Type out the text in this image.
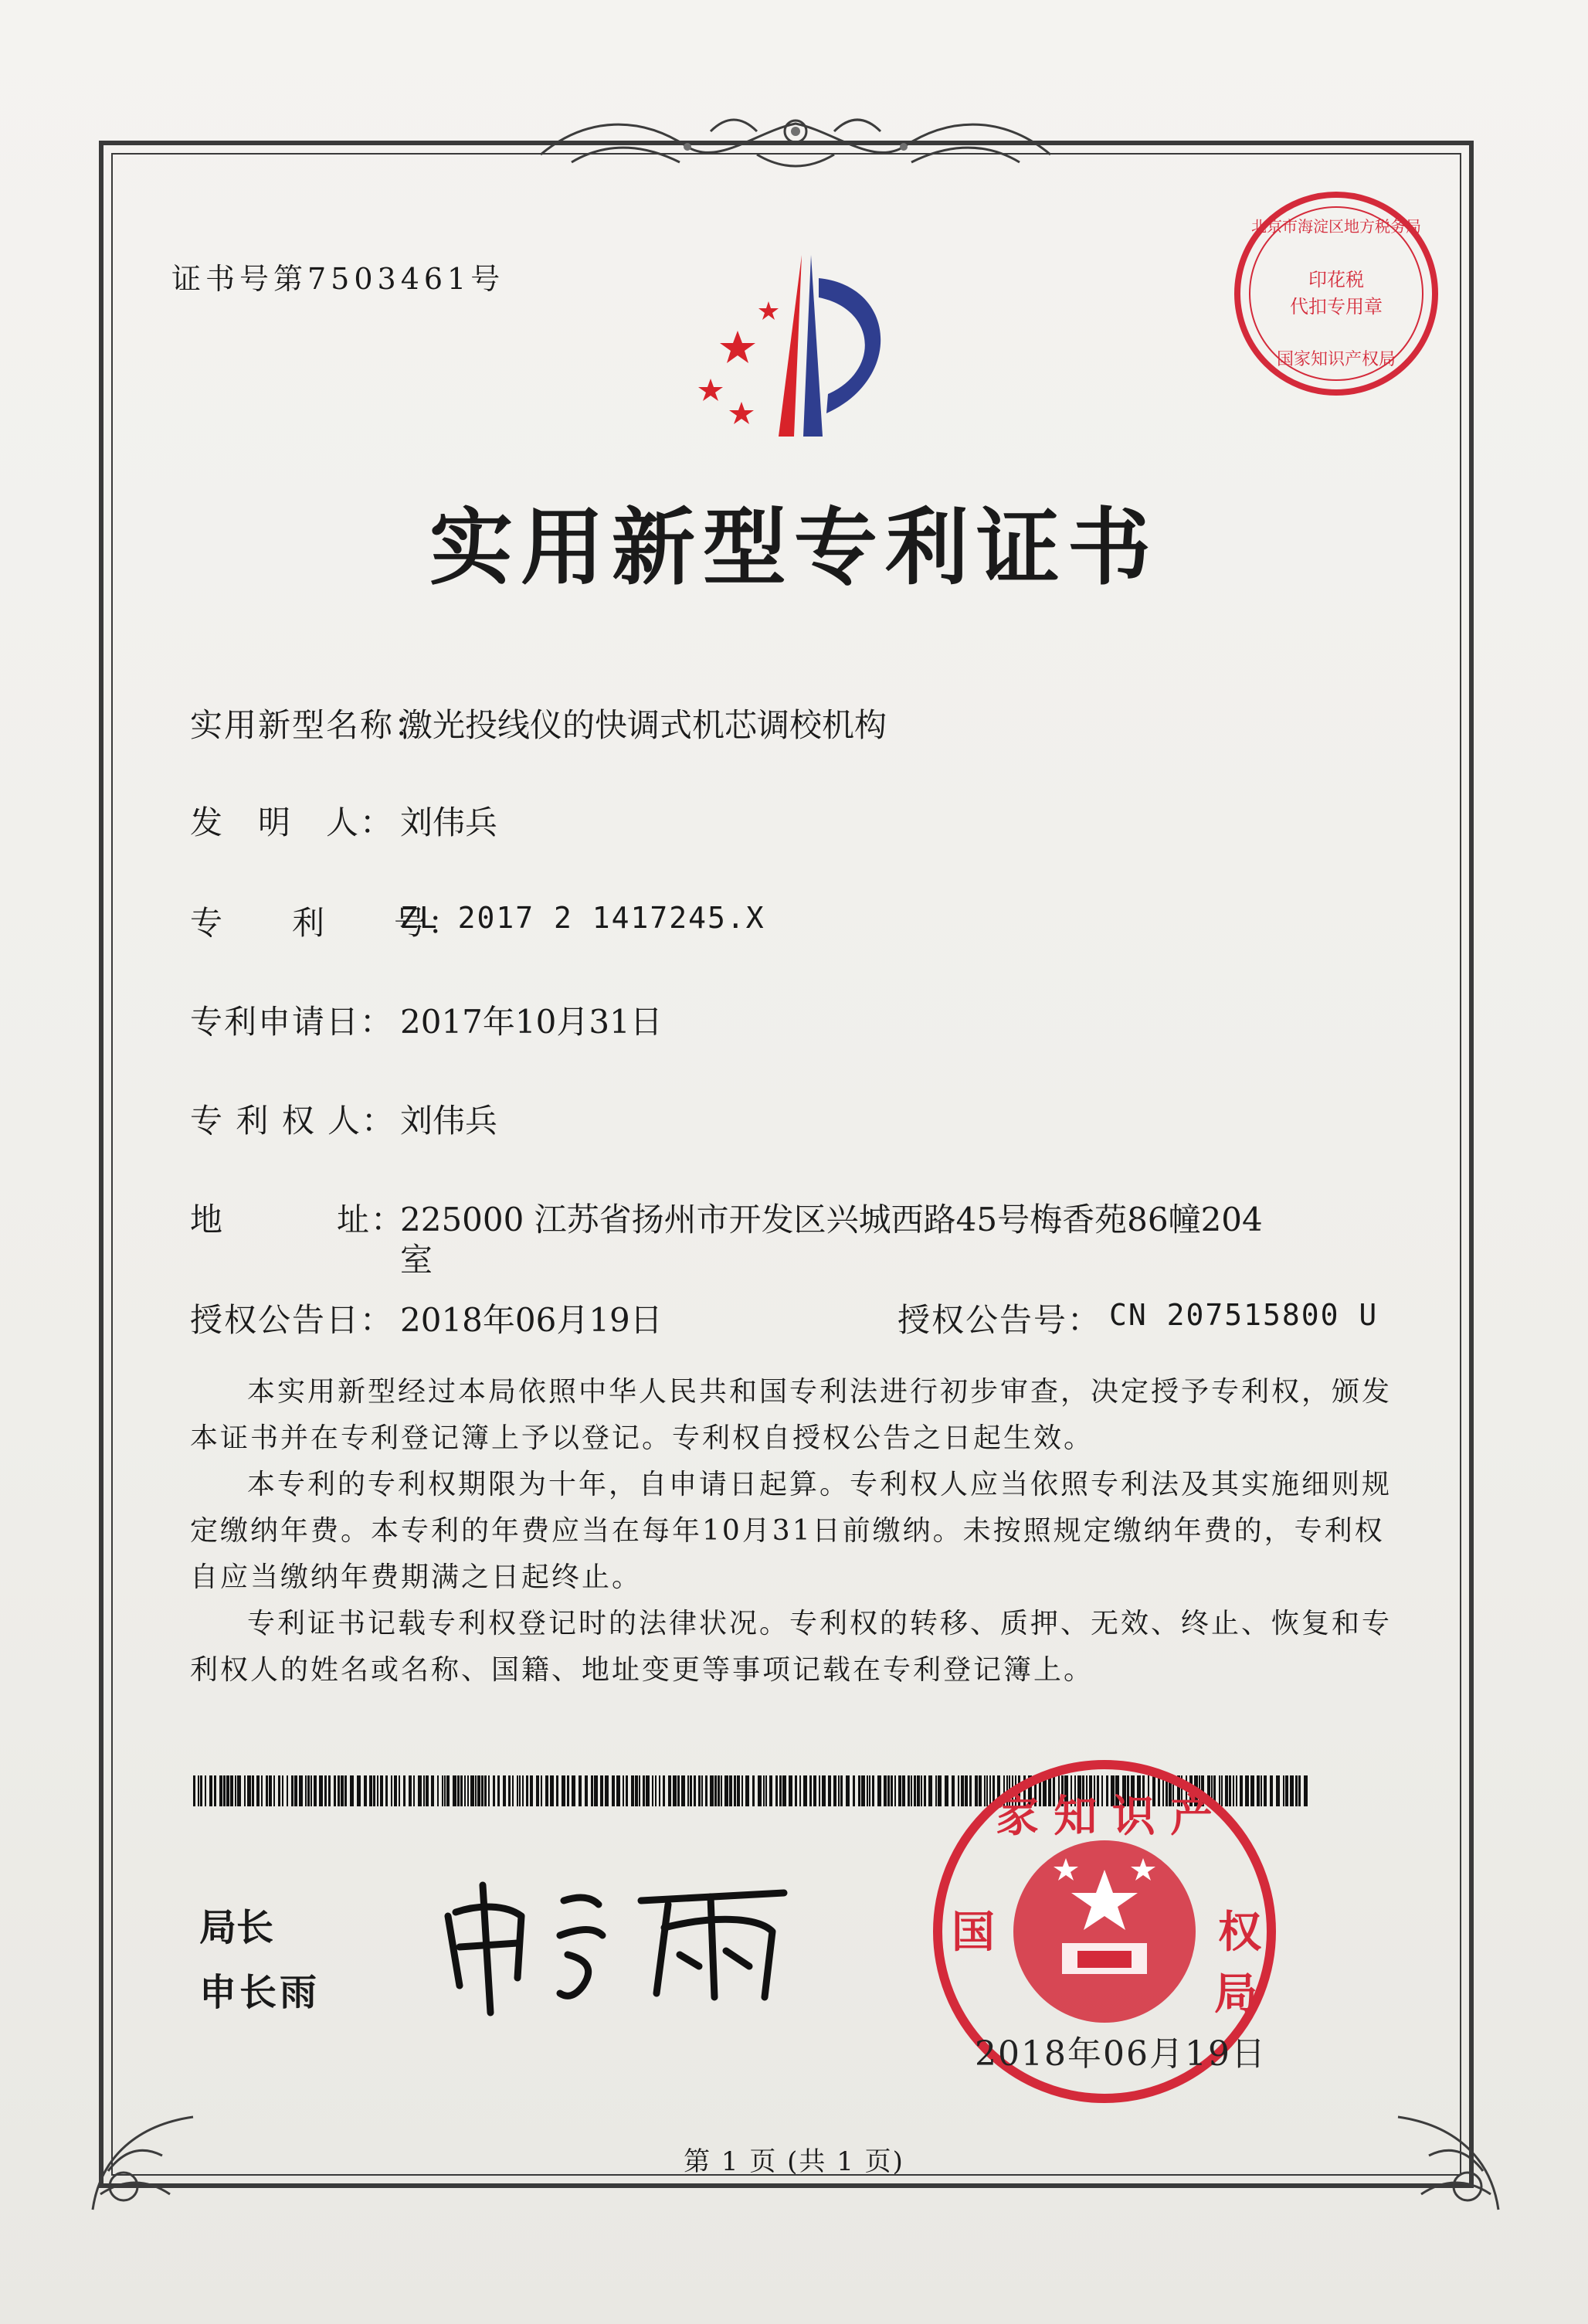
证书号第7503461号	印花税
代扣专用章
北京市海淀区地方税务局
国家知识产权局
实用新型专利证书
实用新型名称：
激光投线仪的快调式机芯调校机构
发　明　人： 刘伟兵
专　　利　　号：
ZL 2017 2 1417245.X
专利申请日： 2017年10月31日
专 利 权 人： 刘伟兵
地	址：
225000 江苏省扬州市开发区兴城西路45号梅香苑86幢204
室
授权公告日： 2018年06月19日	授权公告号： CN 207515800 U
本实用新型经过本局依照中华人民共和国专利法进行初步审查，决定授予专利权，颁发本证书并在专利登记簿上予以登记。专利权自授权公告之日起生效。
本专利的专利权期限为十年，自申请日起算。专利权人应当依照专利法及其实施细则规定缴纳年费。本专利的年费应当在每年10月31日前缴纳。未按照规定缴纳年费的，专利权自应当缴纳年费期满之日起终止。
专利证书记载专利权登记时的法律状况。专利权的转移、质押、无效、终止、恢复和专利权人的姓名或名称、国籍、地址变更等事项记载在专利登记簿上。
局长
申长雨
家 知 识 产
国	权
局
2018年06月19日
第 1 页 (共 1 页)
